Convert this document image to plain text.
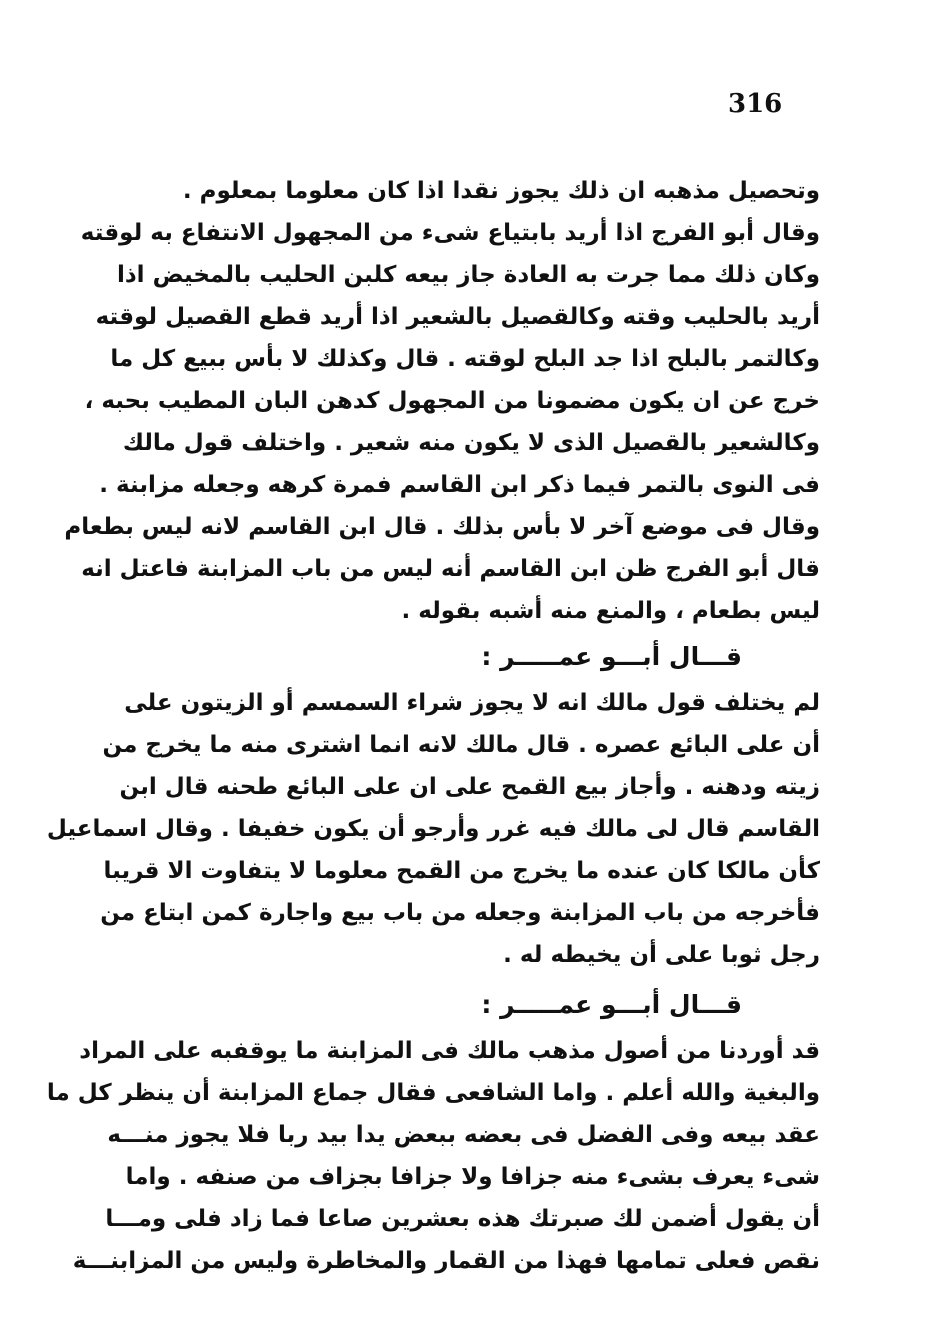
316
وتحصيل مذهبه ان ذلك يجوز نقدا اذا كان معلوما بمعلوم .
وقال أبو الفرج اذا أريد بابتياع شىء من المجهول الانتفاع به لوقته
وكان ذلك مما جرت به العادة جاز بيعه كلبن الحليب بالمخيض اذا
أريد بالحليب وقته وكالقصيل بالشعير اذا أريد قطع القصيل لوقته
وكالتمر بالبلح اذا جد البلح لوقته . قال وكذلك لا بأس ببيع كل ما
خرج عن ان يكون مضمونا من المجهول كدهن البان المطيب بحبه ،
وكالشعير بالقصيل الذى لا يكون منه شعير . واختلف قول مالك
فى النوى بالتمر فيما ذكر ابن القاسم فمرة كرهه وجعله مزابنة .
وقال فى موضع آخر لا بأس بذلك . قال ابن القاسم لانه ليس بطعام
قال أبو الفرج ظن ابن القاسم أنه ليس من باب المزابنة فاعتل انه
ليس بطعام ، والمنع منه أشبه بقوله .
قـــال أبـــو عمـــــر :
لم يختلف قول مالك انه لا يجوز شراء السمسم أو الزيتون على
أن على البائع عصره . قال مالك لانه انما اشترى منه ما يخرج من
زيته ودهنه . وأجاز بيع القمح على ان على البائع طحنه قال ابن
القاسم قال لى مالك فيه غرر وأرجو أن يكون خفيفا . وقال اسماعيل
كأن مالكا كان عنده ما يخرج من القمح معلوما لا يتفاوت الا قريبا
فأخرجه من باب المزابنة وجعله من باب بيع واجارة كمن ابتاع من
رجل ثوبا على أن يخيطه له .
قـــال أبـــو عمـــــر :
قد أوردنا من أصول مذهب مالك فى المزابنة ما يوقفبه على المراد
والبغية والله أعلم . واما الشافعى فقال جماع المزابنة أن ينظر كل ما
عقد بيعه وفى الفضل فى بعضه ببعض يدا بيد ربا فلا يجوز منـــه
شىء يعرف بشىء منه جزافا ولا جزافا بجزاف من صنفه . واما
أن يقول أضمن لك صبرتك هذه بعشرين صاعا فما زاد فلى ومـــا
نقص فعلى تمامها فهذا من القمار والمخاطرة وليس من المزابنـــة
